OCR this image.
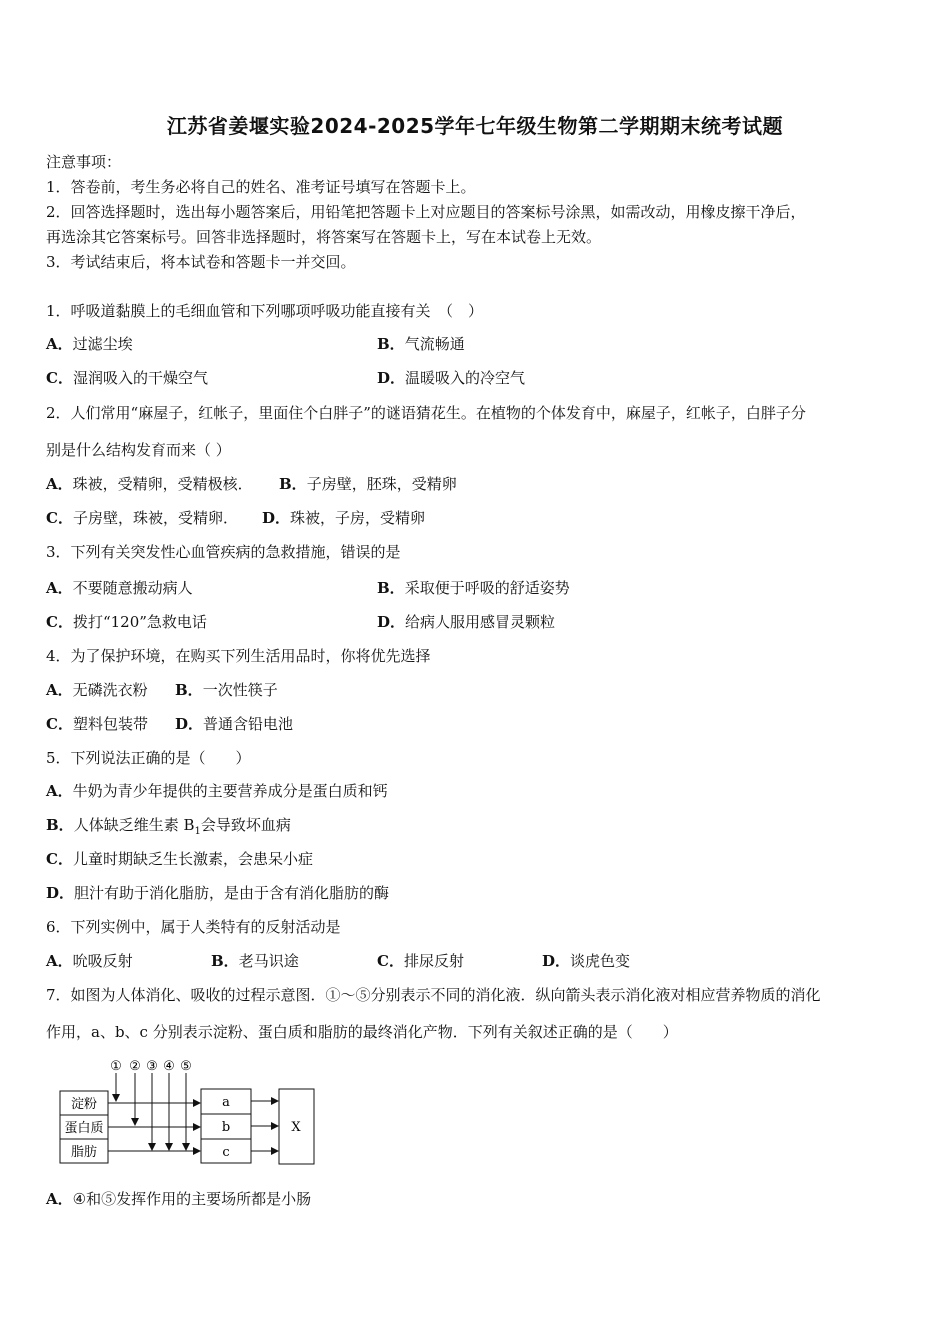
江苏省姜堰实验2024-2025学年七年级生物第二学期期末统考试题
注意事项：
1．答卷前，考生务必将自己的姓名、准考证号填写在答题卡上。
2．回答选择题时，选出每小题答案后，用铅笔把答题卡上对应题目的答案标号涂黑，如需改动，用橡皮擦干净后，
再选涂其它答案标号。回答非选择题时，将答案写在答题卡上，写在本试卷上无效。
3．考试结束后，将本试卷和答题卡一并交回。
1．呼吸道黏膜上的毛细血管和下列哪项呼吸功能直接有关　（　）
A．过滤尘埃	B．气流畅通
C．湿润吸入的干燥空气	D．温暖吸入的冷空气
2．人们常用“麻屋子，红帐子，里面住个白胖子”的谜语猜花生。在植物的个体发育中，麻屋子，红帐子，白胖子分
别是什么结构发育而来（ ）
A．珠被，受精卵，受精极核． B．子房壁，胚珠，受精卵
C．子房壁，珠被，受精卵． D．珠被，子房，受精卵
3．下列有关突发性心血管疾病的急救措施，错误的是
A．不要随意搬动病人	B．采取便于呼吸的舒适姿势
C．拨打“120”急救电话	D．给病人服用感冒灵颗粒
4．为了保护环境，在购买下列生活用品时，你将优先选择
A．无磷洗衣粉 B．一次性筷子
C．塑料包装带 D．普通含铅电池
5．下列说法正确的是（　　）
A．牛奶为青少年提供的主要营养成分是蛋白质和钙
B．人体缺乏维生素 $B_1$会导致坏血病
C．儿童时期缺乏生长激素，会患呆小症
D．胆汁有助于消化脂肪，是由于含有消化脂肪的酶
6．下列实例中，属于人类特有的反射活动是
A．吮吸反射	B．老马识途	C．排尿反射	D．谈虎色变
7．如图为人体消化、吸收的过程示意图．①～⑤分别表示不同的消化液．纵向箭头表示消化液对相应营养物质的消化
作用，a、b、c 分别表示淀粉、蛋白质和脂肪的最终消化产物．下列有关叙述正确的是（　　）
① ② ③ ④ ⑤
淀粉
蛋白质
脂肪
a
b
c
X
A．④和⑤发挥作用的主要场所都是小肠
